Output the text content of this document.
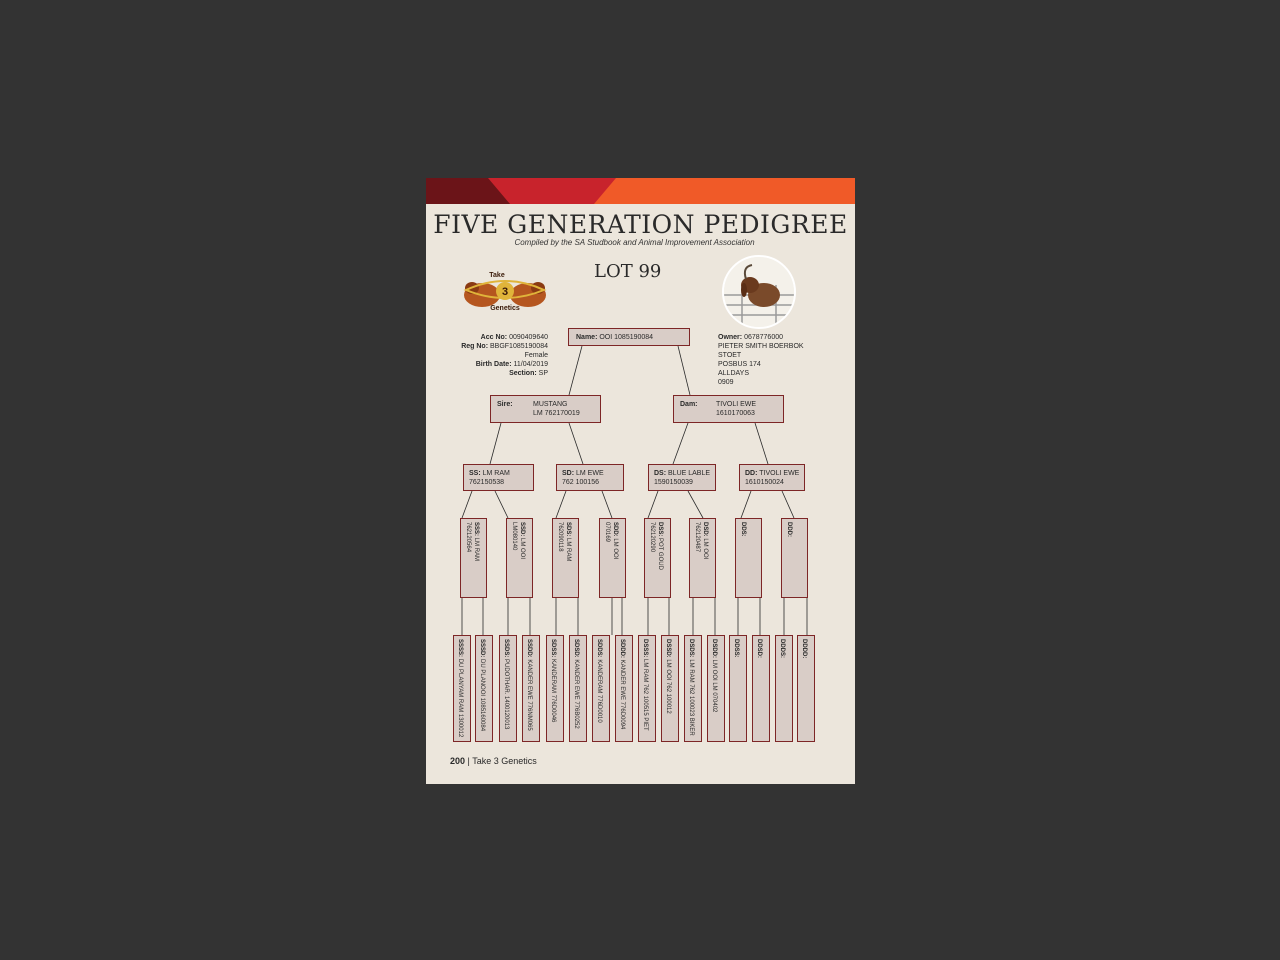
FIVE GENERATION PEDIGREE
Compiled by the SA Studbook and Animal Improvement Association
LOT 99
3
Take
Genetics
Acc No: 0090409640
Reg No: BBGF1085190084
Female
Birth Date: 11/04/2019
Section: SP
Owner: 0678776000
PIETER SMITH BOERBOK
STOET
POSBUS 174
ALLDAYS
0909
Name: OOI 1085190084
Sire:	MUSTANG
LM 762170019
Dam:	TIVOLI EWE
1610170063
SS: LM RAM
762150538
SD: LM EWE
762 100156
DS: BLUE LABLE
1590150039
DD: TIVOLI EWE
1610150024
SSS: LM RAM
762120564	SSD: LM OOI
LM080140	SDS: LM RAM
762090118	SDD: LM OOI
070169	DSS: POT GOUD
762120290	DSD: LM OOI
762120487	DDS:	DDD:
SSSS: DU PLANYAM RAM 1300012
SSSD: DU PLANOOI 1085160084
SSDS: PUDOTHAR. 1400120013
SSDD: KANDER EWE 776NM065
SDSS: KANDERAM 776D0046
SDSD: KANDER EWE 776B0252
SDDS: KANDERAM 776D0010
SDDD: KANDER EWE 776D0094
DSSS: LM RAM 762 100515 PIET
DSSD: LM OOI 762 100012
DSDS: LM RAM 762 100023 BIKER
DSDD: LM OOI LM 070402
DDSS:	DDSD:	DDDS:	DDDD:
200 | Take 3 Genetics
